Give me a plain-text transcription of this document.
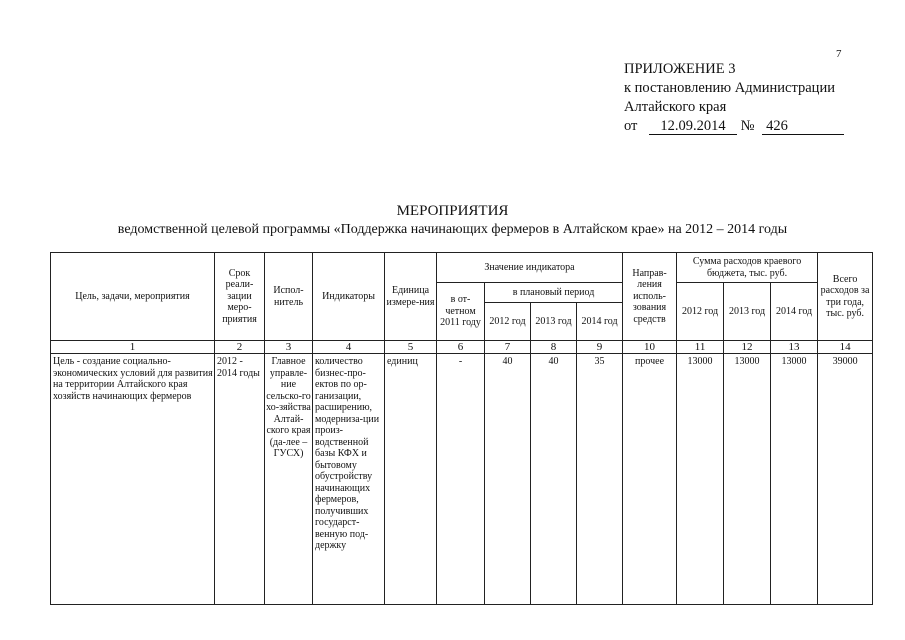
7
ПРИЛОЖЕНИЕ 3
к постановлению Администрации
Алтайского края
от 12.09.2014 № 426
МЕРОПРИЯТИЯ
ведомственной целевой программы «Поддержка начинающих фермеров в Алтайском крае» на 2012 – 2014 годы
Цель, задачи, мероприятия	Срок реали-зации меро-приятия	Испол-нитель	Индикаторы	Единица измере-ния	Значение индикатора				Направ-ления исполь-зования средств	Сумма расходов краевого бюджета, тыс. руб.			Всего расходов за три года, тыс. руб.
					в от-четном 2011 году	в плановый период				2012 год	2013 год	2014 год	
						2012 год	2013 год	2014 год					
1	2	3	4	5	6	7	8	9	10	11	12	13	14
Цель - создание социально-экономических условий для развития на территории Алтайского края хозяйств начинающих фермеров	2012 - 2014 годы	Главное управле-ние сельско-го хо-зяйства Алтай-ского края (да-лее – ГУСХ)	количество бизнес-про-ектов по ор-ганизации, расширению, модерниза-ции произ-водственной базы КФХ и бытовому обустройству начинающих фермеров, получивших государст-венную под-держку	единиц	-	40	40	35	прочее	13000	13000	13000	39000
